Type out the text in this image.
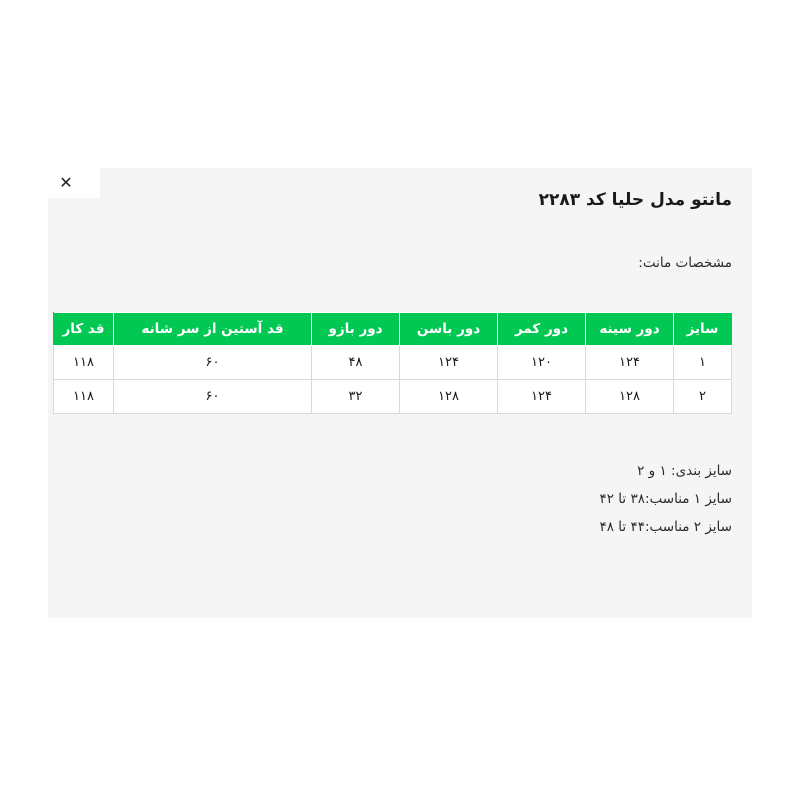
✕
مانتو مدل حلیا کد ۲۲۸۳
مشخصات مانت:
سایز	دور سینه	دور کمر	دور باسن	دور بازو	قد آستین از سر شانه	قد کار
۱	۱۲۴	۱۲۰	۱۲۴	۴۸	۶۰	۱۱۸
۲	۱۲۸	۱۲۴	۱۲۸	۳۲	۶۰	۱۱۸
سایز بندی: ۱ و ۲
سایز ۱ مناسب:۳۸ تا ۴۲
سایز ۲ مناسب:۴۴ تا ۴۸
